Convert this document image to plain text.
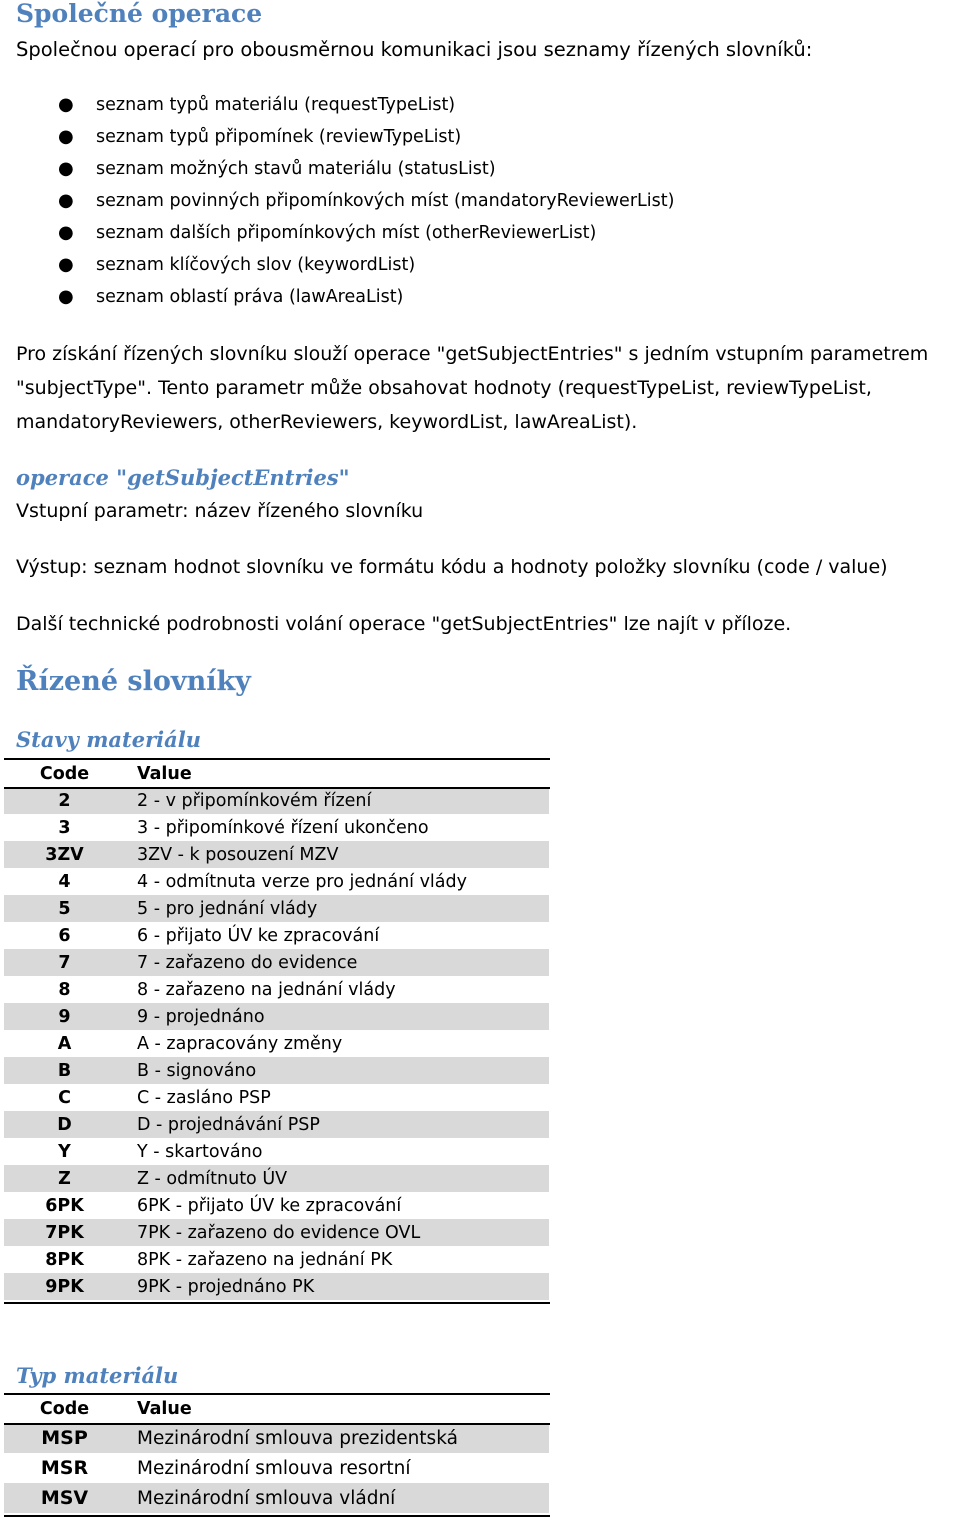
Společné operace
Společnou operací pro obousměrnou komunikaci jsou seznamy řízených slovníků:
● seznam typů materiálu (requestTypeList)
● seznam typů připomínek (reviewTypeList)
● seznam možných stavů materiálu (statusList)
● seznam povinných připomínkových míst (mandatoryReviewerList)
● seznam dalších připomínkových míst (otherReviewerList)
● seznam klíčových slov (keywordList)
● seznam oblastí práva (lawAreaList)
Pro získání řízených slovníku slouží operace "getSubjectEntries" s jedním vstupním parametrem
"subjectType". Tento parametr může obsahovat hodnoty (requestTypeList, reviewTypeList,
mandatoryReviewers, otherReviewers, keywordList, lawAreaList).
operace "getSubjectEntries"
Vstupní parametr: název řízeného slovníku
Výstup: seznam hodnot slovníku ve formátu kódu a hodnoty položky slovníku (code / value)
Další technické podrobnosti volání operace "getSubjectEntries" lze najít v příloze.
Řízené slovníky
Stavy materiálu
Code	Value
2	2 - v připomínkovém řízení
3	3 - připomínkové řízení ukončeno
3ZV	3ZV - k posouzení MZV
4	4 - odmítnuta verze pro jednání vlády
5	5 - pro jednání vlády
6	6 - přijato ÚV ke zpracování
7	7 - zařazeno do evidence
8	8 - zařazeno na jednání vlády
9	9 - projednáno
A	A - zapracovány změny
B	B - signováno
C	C - zasláno PSP
D	D - projednávání PSP
Y	Y - skartováno
Z	Z - odmítnuto ÚV
6PK	6PK - přijato ÚV ke zpracování
7PK	7PK - zařazeno do evidence OVL
8PK	8PK - zařazeno na jednání PK
9PK	9PK - projednáno PK
Typ materiálu
Code	Value
MSP	Mezinárodní smlouva prezidentská
MSR	Mezinárodní smlouva resortní
MSV	Mezinárodní smlouva vládní
